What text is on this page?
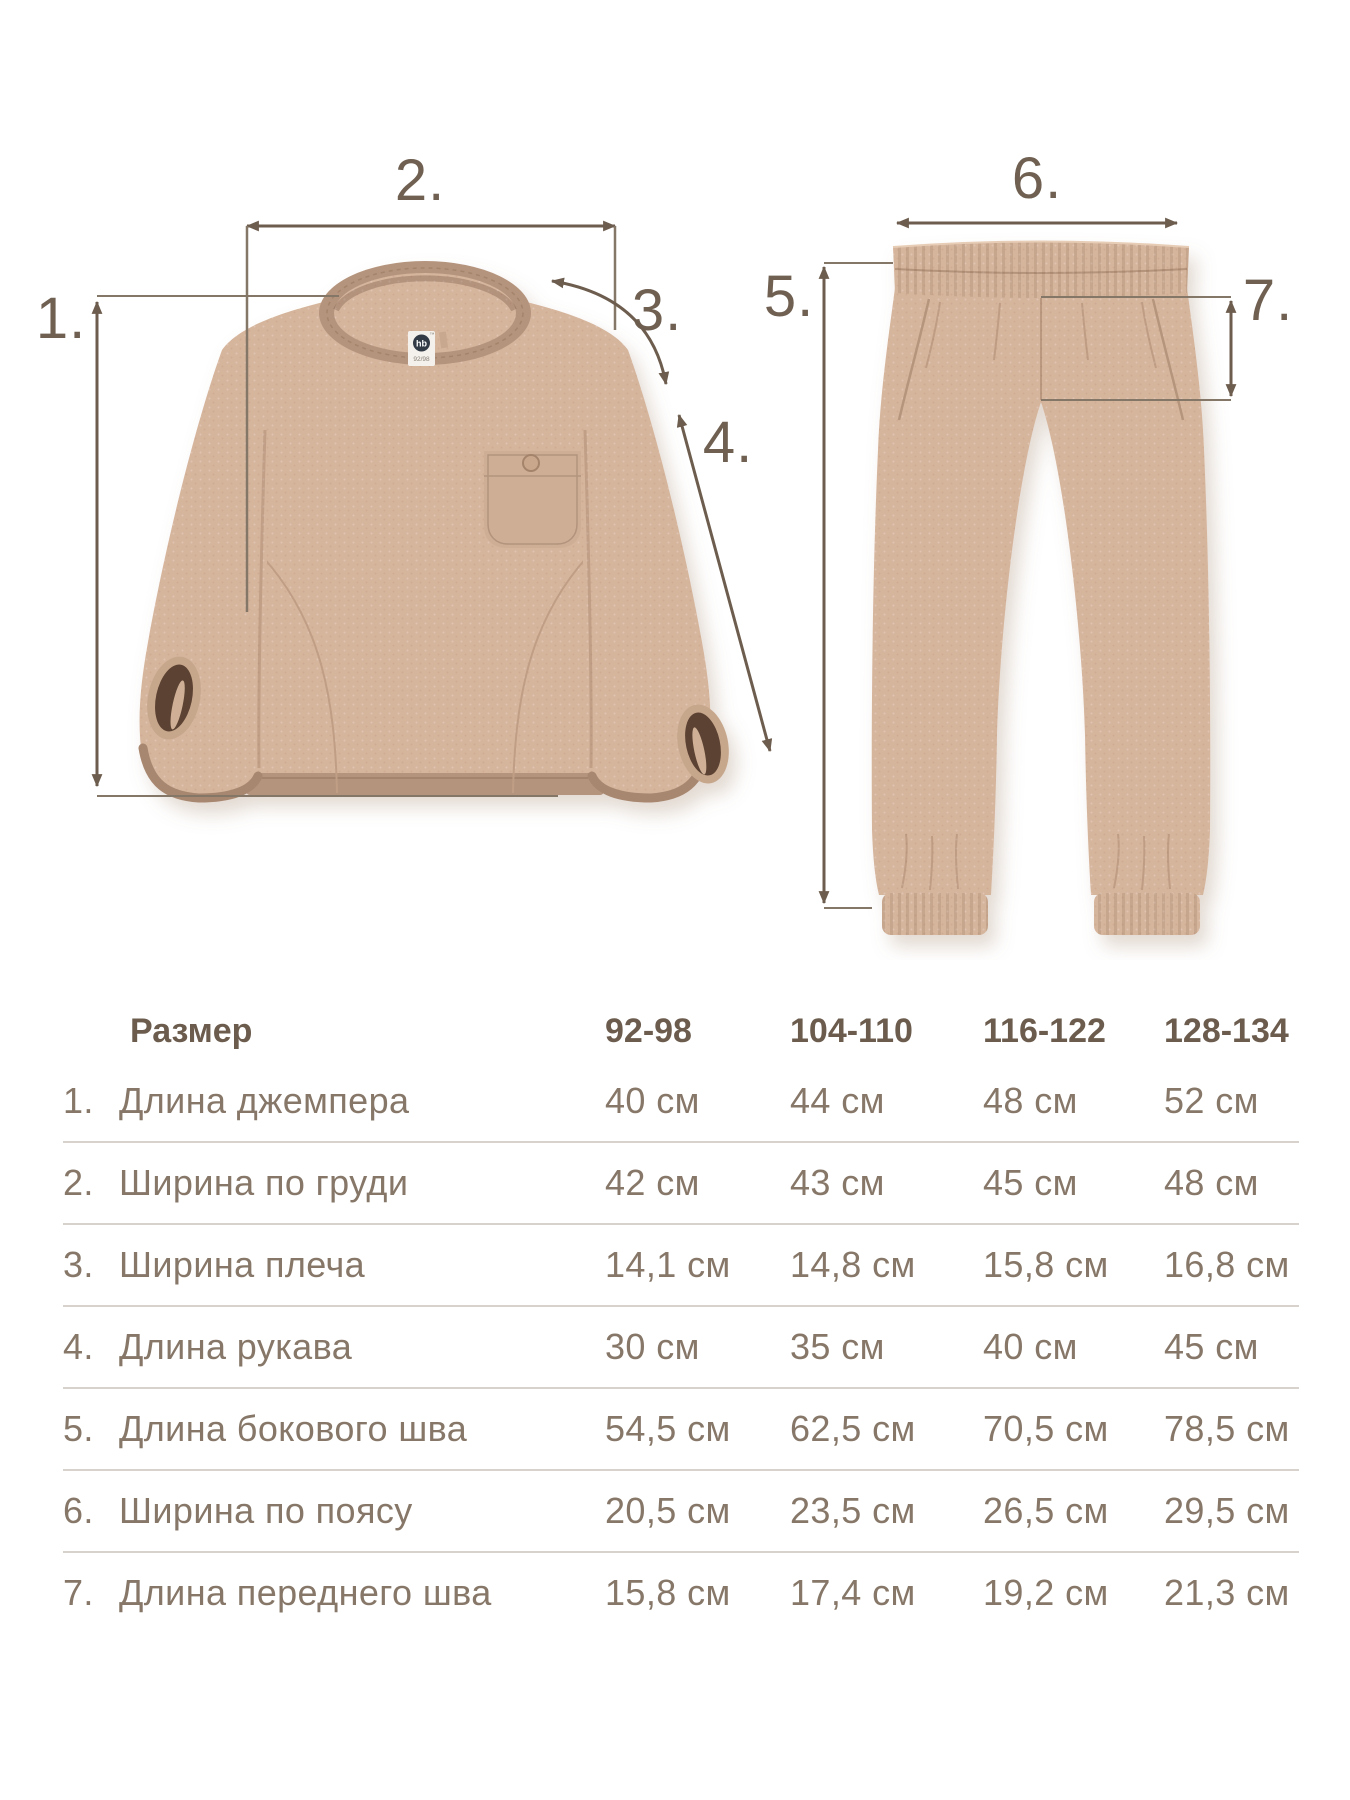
hb
™
92/98
1.
2.
3.
4.
5.
6.
7.
Размер	92-98	104-110	116-122	128-134
1. Длина джемпера	40 см	44 см	48 см	52 см
2. Ширина по груди	42 см	43 см	45 см	48 см
3. Ширина плеча	14,1 см	14,8 см	15,8 см	16,8 см
4. Длина рукава	30 см	35 см	40 см	45 см
5. Длина бокового шва	54,5 см	62,5 см	70,5 см	78,5 см
6. Ширина по поясу	20,5 см	23,5 см	26,5 см	29,5 см
7. Длина переднего шва	15,8 см	17,4 см	19,2 см	21,3 см
